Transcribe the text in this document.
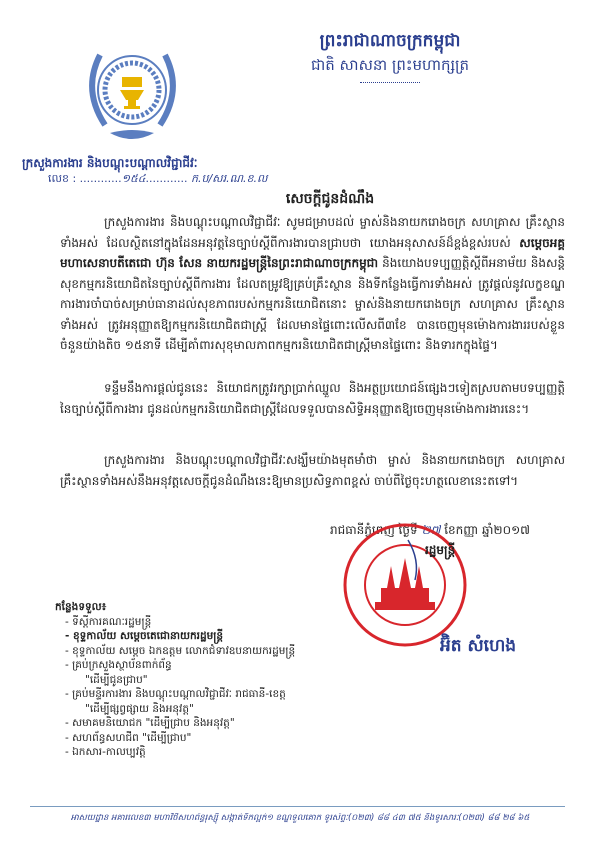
ព្រះរាជាណាចក្រកម្ពុជា
ជាតិ សាសនា ព្រះមហាក្សត្រ
ក្រសួងការងារ និងបណ្តុះបណ្តាលវិជ្ជាជីវៈ
លេខ : ............១៥៤............ ក.ប/សរ.ណ.ខ.ល
សេចក្តីជូនដំណឹង
ក្រសួងការងារ និងបណ្តុះបណ្តាលវិជ្ជាជីវៈ សូមជម្រាបដល់ ម្ចាស់និងនាយករោងចក្រ សហគ្រាស គ្រឹះស្ថានទាំងអស់ ដែលស្ថិតនៅក្នុងដែនអនុវត្តនៃច្បាប់ស្តីពីការងារបានជ្រាបថា យោងអនុសាសន៍ដ៏ខ្ពង់ខ្ពស់របស់ សម្តេចអគ្គមហាសេនាបតីតេជោ ហ៊ុន សែន នាយករដ្ឋមន្ត្រីនៃព្រះរាជាណាចក្រកម្ពុជា និងយោងបទប្បញ្ញត្តិស្តីពីអនាម័យ និងសន្តិសុខកម្មករនិយោជិតនៃច្បាប់ស្តីពីការងារ ដែលតម្រូវឱ្យគ្រប់គ្រឹះស្ថាន និងទីកន្លែងធ្វើការទាំងអស់ ត្រូវផ្តល់នូវលក្ខខណ្ឌការងារចាំបាច់សម្រាប់ធានាដល់សុខភាពរបស់កម្មករនិយោជិតនោះ ម្ចាស់និងនាយករោងចក្រ សហគ្រាស គ្រឹះស្ថានទាំងអស់ ត្រូវអនុញ្ញាតឱ្យកម្មករនិយោជិតជាស្ត្រី ដែលមានផ្ទៃពោះលើសពី៣ខែ បានចេញមុនម៉ោងការងាររបស់ខ្លួនចំនួនយ៉ាងតិច ១៥នាទី ដើម្បីគាំពារសុខុមាលភាពកម្មករនិយោជិតជាស្ត្រីមានផ្ទៃពោះ និងទារកក្នុងផ្ទៃ។
ទន្ទឹមនឹងការផ្តល់ជូននេះ និយោជកត្រូវរក្សាប្រាក់ឈ្នួល និងអត្ថប្រយោជន៍ផ្សេងៗទៀតស្របតាមបទប្បញ្ញត្តិនៃច្បាប់ស្តីពីការងារ ជូនដល់កម្មករនិយោជិតជាស្ត្រីដែលទទួលបានសិទ្ធិអនុញ្ញាតឱ្យចេញមុនម៉ោងការងារនេះ។
ក្រសួងការងារ និងបណ្តុះបណ្តាលវិជ្ជាជីវៈសង្ឃឹមយ៉ាងមុតមាំថា ម្ចាស់ និងនាយករោងចក្រ សហគ្រាស គ្រឹះស្ថានទាំងអស់នឹងអនុវត្តសេចក្តីជូនដំណឹងនេះឱ្យមានប្រសិទ្ធភាពខ្ពស់ ចាប់ពីថ្ងៃចុះហត្ថលេខានេះតទៅ។
រាជធានីភ្នំពេញ ថ្ងៃទី ២៧ ខែកញ្ញា ឆ្នាំ២០១៧
រដ្ឋមន្ត្រី
អ៊ិត សំហេង
កន្លែងទទួល៖
- ទីស្តីការគណៈរដ្ឋមន្ត្រី
- ខុទ្ទកាល័យ សម្តេចតេជោនាយករដ្ឋមន្ត្រី
- ខុទ្ទកាល័យ សម្តេច ឯកឧត្តម លោកជំទាវឧបនាយករដ្ឋមន្ត្រី
- គ្រប់ក្រសួងស្ថាប័នពាក់ព័ន្ធ
"ដើម្បីជូនជ្រាប"
- គ្រប់មន្ទីរការងារ និងបណ្តុះបណ្តាលវិជ្ជាជីវៈ រាជធានី-ខេត្ត
"ដើម្បីផ្សព្វផ្សាយ និងអនុវត្ត"
- សមាគមនិយោជក "ដើម្បីជ្រាប និងអនុវត្ត"
- សហព័ន្ធសហជីព "ដើម្បីជ្រាប"
- ឯកសារ-កាលប្បវត្តិ
អាសយដ្ឋាន អគារលេខ៣ មហាវិថីសហព័ន្ធរុស្ស៊ី សង្កាត់ទឹកល្អក់១ ខណ្ឌទួលគោក ទូរស័ព្ទៈ(០២៣) ៨៨ ៤៣ ៧៥ និងទូរសារៈ(០២៣) ៨៨ ២៨ ៦៥
